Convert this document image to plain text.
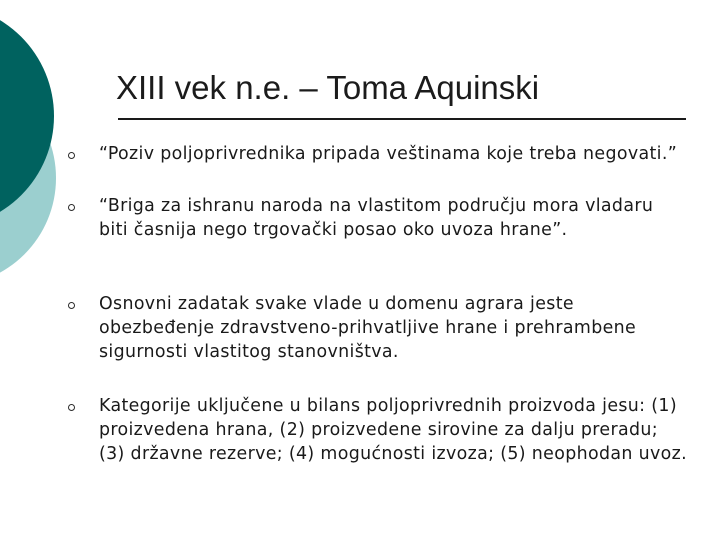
XIII vek n.e. – Toma Aquinski
“Poziv poljoprivrednika pripada veštinama koje treba negovati.”
“Briga za ishranu naroda na vlastitom području mora vladaru biti časnija nego trgovački posao oko uvoza hrane”.
Osnovni zadatak svake vlade u domenu agrara jeste obezbeđenje zdravstveno-prihvatljive hrane i prehrambene sigurnosti vlastitog stanovništva.
Kategorije uključene u bilans poljoprivrednih proizvoda jesu: (1) proizvedena hrana, (2) proizvedene sirovine za dalju preradu; (3) državne rezerve; (4) mogućnosti izvoza; (5) neophodan uvoz.
